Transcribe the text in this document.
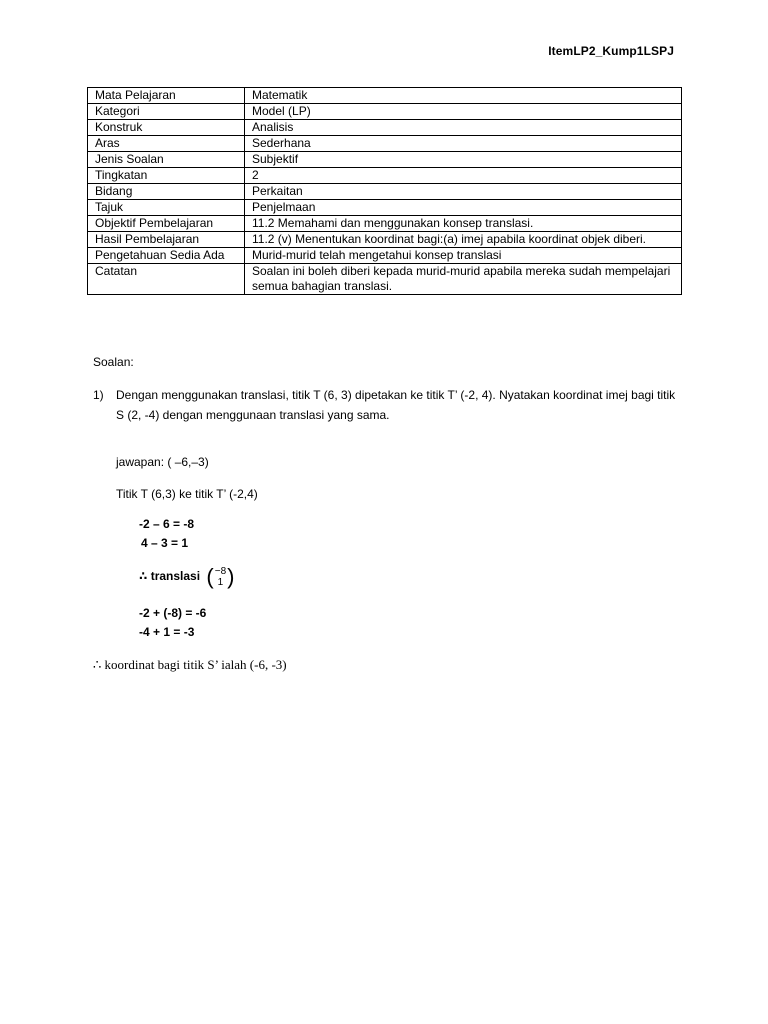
ItemLP2_Kump1LSPJ
Mata Pelajaran	Matematik
Kategori	Model (LP)
Konstruk	Analisis
Aras	Sederhana
Jenis Soalan	Subjektif
Tingkatan	2
Bidang	Perkaitan
Tajuk	Penjelmaan
Objektif Pembelajaran	11.2 Memahami dan menggunakan konsep translasi.
Hasil Pembelajaran	11.2 (v) Menentukan koordinat bagi:(a) imej apabila koordinat objek diberi.
Pengetahuan Sedia Ada	Murid-murid telah mengetahui konsep translasi
Catatan	Soalan ini boleh diberi kepada murid-murid apabila mereka sudah mempelajari semua bahagian translasi.
Soalan:
1) Dengan menggunakan translasi, titik T (6, 3) dipetakan ke titik T’ (-2, 4). Nyatakan koordinat imej bagi titik S (2, -4) dengan menggunaan translasi yang sama.
jawapan: ( –6,–3)
Titik T (6,3) ke titik T’ (-2,4)
-2 – 6 = -8
4 – 3 = 1
∴ translasi ( −8
1 )
-2 + (-8) = -6
-4 + 1 = -3
∴ koordinat bagi titik S’ ialah (-6, -3)
